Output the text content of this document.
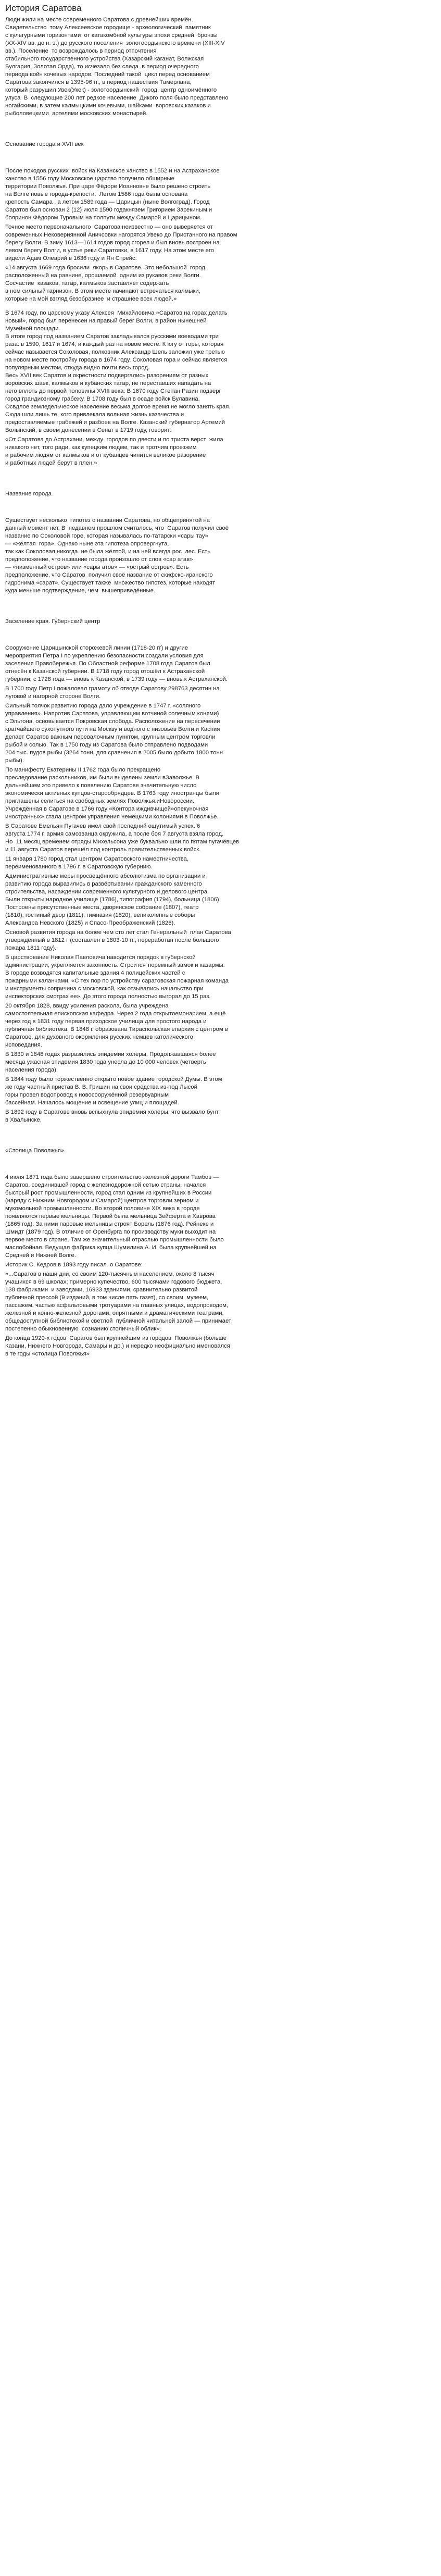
История Саратова
Люди жили на месте современного Саратова с древнейших времён.
Свидетельство  тому Алексеевское городище - археологический  памятник
с культурными горизонтами  от катакомбной культуры эпохи средней  бронзы
(XX-XIV вв. до н. э.) до русского поселения  золотоордынского времени (XIII-XIV
вв.). Поселение  то возрождалось в период отпочтения
стабильного государственного устройства (Хазарский каганат, Волжская
Булгария, Золотая Орда), то исчезало без следа  в период очередного
периода войн кочевых народов. Последний такой  цикл перед основанием
Саратова закончился в 1395-96 гг., в период нашествия Тамерлана,
который разрушил Увек(Укек) - золотоордынский  город, центр одноимённого
улуса  В  следующие 200 лет редкое население  Дикого поля было представлено
ногайскими, в затем калмыцкими кочевыми, шайками  воровских казаков и
рыболовецкими  артелями московских монастырей.
Основание города и XVII век
После походов русских  войск на Казанское ханство в 1552 и на Астраханское
ханство в 1556 году Московское царство получило обширные
территории Поволжья. При царе Фёдоре Иоанновне было решено строить
на Волге новые города-крепости.  Летом 1586 года была основана
крепость Самара , а летом 1589 года — Царицын (ныне Волгоград). Город
Саратов был основан 2 (12) июля 1590 годакнязем Григорием Засекиным и
бояринон Фёдором Туровым на полпути между Самарой и Царицыном.
Точное место первоначального  Саратова неизвестно — оно выверяется от
современных Нековериянной Аничсовки нагорятся Увеко до Пристанного на правом
берегу Волги. В зиму 1613—1614 годов город сгорел и был вновь построен на
левом берегу Волги, в устье реки Саратовки, в 1617 году. На этом месте его
видели Адам Олеарий в 1636 году и Ян Стрейс:
«14 августа 1669 года бросили  якорь в Саратове. Это небольшой  город,
расположенный на равнине, орошаемой  одним из рукавов реки Волги.
Сосчастие  казаков, татар, калмыков заставляет содержать
в нем сильный гарнизон. В этом месте начинают встречаться калмыки,
которые на мой взгляд безобразнее  и страшнее всех людей.»
В 1674 году, по царскому указу Алексея  Михайловича «Саратов на горах делать
новый», город был перенесен на правый берег Волги, в район нынешней
Музейной площади.
В итоге город под названием Саратов закладывался русскими воеводами три
раза: в 1590, 1617 и 1674, и каждый раз на новом месте. К югу от горы, которая
сейчас называется Соколовая, полковник Александр Шель заложил уже третью
на новом месте постройку города в 1674 году. Соколовая гора и сейчас является
популярным местом, откуда видно почти весь город.
Весь XVII век Саратов и окрестности подвергались разорениям от разных
воровских шаек, калмыков и кубанских татар, не переставших нападать на
него вплоть до первой половины XVIII века. В 1670 году Степан Разин подверг
город грандиозному грабежу. В 1708 году был в осаде войск Булавина.
Освдлое земледельческое население весьма долгое время не могло занять края.
Сюда шли лишь те, кого привлекала вольная жизнь казачества и
предоставляемые грабежей и разбоев на Волге. Казанский губернатор Артемий
Волынский, в своем донесении в Сенат в 1719 году, говорит:
«От Саратова до Астрахани, между  городов по двести и по триста верст  жила
никакого нет, того ради, как купецким людем, так и протчим проезжим
и рабочим людям от калмыков и от кубанцев чинится великое разорение
и работных людей берут в плен.»
Название города
Существует несколько  гипотез о названии Саратова, но общепринятой на
данный момент нет. В  недавнем прошлом считалось, что  Саратов получил своё
название по Соколовой горе, которая называлась по-татарски «сары тау»
— «жёлтая  гора». Однако ныне эта гипотеза опровергнута,
так как Соколовая никогда  не была жёлтой, и на ней всегда рос  лес. Есть
предположение, что название города произошло от слов «сар атав»
— «низменный остров» или «сары атов» — «острый остров». Есть
предположение, что Саратов  получил своё название от скифско-иранского
гидронима «сарат». Существует также  множество гипотез, которые находят
куда меньше подтверждение, чем  вышеприведённые.
Заселение края. Губернский центр
Сооружение Царицынской сторожевой линии (1718-20 гг) и другие
мероприятия Петра I по укреплению безопасности создали условия для
заселения Правобережья. По Областной реформе 1708 года Саратов был
отнесён к Казанской губернии. В 1718 году город отошёл к Астраханской
губернии; с 1728 года — вновь к Казанской, в 1739 году — вновь к Астраханской.
В 1700 году Пётр I пожаловал грамоту об отводе Саратову 298763 десятин на
луговой и нагорной стороне Волги.
Сильный толчок развитию города дало учреждение в 1747 г. «соляного
управления». Напротив Саратова, управляющим вотчиной солечным конями)
с Эльтона, основывается Покровская слобода. Расположение на пересечении
кратчайшего сухопутного пути на Москву и водного с низовьев Волги и Каспия
делает Саратов важным перевалочным пунктом, крупным центром торговли
рыбой и солью. Так в 1750 году из Саратова было отправлено подводами
204 тыс. пудов рыбы (3264 тонн, для сравнения в 2005 было добыто 1800 тонн
рыбы).
По манифесту Екатерины II 1762 года было прекращено
преследование раскольников, им были выделены земли вЗаволжье. В
дальнейшем это привело к появлению Саратове значительную число
экономически активных купцов-старообрядцев. В 1763 году иностранцы были
приглашены селиться на свободных землях Поволжья.иНоворосcии.
Учреждённая в Саратове в 1766 году «Контора иждивчищей»опекуночная
иностранных» стала центром управления немецкими колониями в Поволжье.
В Саратове Емельян Пугачев имел свой последний ощутимый успех. 6
августа 1774 г. армия самозванца окружила, а после боя 7 августа взяла город.
Но  11 месяц временем отряды Михельсона уже буквально шли по пятам пугачёвцев
и 11 августа Саратов перешёл под контроль правительственных войск.
11 января 1780 город стал центром Саратовского наместничества,
переименованного в 1796 г. в Саратовскую губернию.
Административные меры просвещённого абсолютизма по организации и
развитию города выразились в развёртывании гражданского каменного
строительства, насаждении современного культурного и делового центра.
Были открыты народное училище (1786), типография (1794), больница (1806).
Построены присутственные места, дворянское собрание (1807), театр
(1810), гостиный двор (1811), гимназия (1820), великолепные соборы
Александра Невского (1825) и Спасо-Преображенский (1826).
Основой развития города на более чем сто лет стал Генеральный  план Саратова
утверждённый в 1812 г (составлен в 1803-10 гг., переработан после большого
пожара 1811 году).
В царствование Николая Павловича наводится порядок в губернской
администрации, укрепляется законность. Строится тюремный замок и казармы.
В городе возводятся капитальные здания 4 полицейских частей с
пожарными каланчами. «С тех пор по устройству саратовская пожарная команда
и инструменты сопричина с московской, как отзывались начальство при
инспекторских смотрах ее». До этого города полностью выгорал до 15 раз.
20 октября 1828, ввиду усиления раскола, была учреждена
самостоятельная епископская кафедра. Через 2 года открытоемонарием, а ещё
через год в 1831 году первая приходское училища для простого народа и
публичная библиотека. В 1848 г. образована Тираспольская епархия с центром в
Саратове, для духовного окормления русских немцев католического
исповедания.
В 1830 и 1848 годах разразились эпидемии холеры. Продолжавшаяся более
месяца ужасная эпидемия 1830 года унесла до 10 000 человек (четверть
населения города).
В 1844 году было торжественно открыто новое здание городской Думы. В этом
же году частный пристав В. В. Гришин на свои средства из-под Лысой
горы провел водопровод к новосооружённой резервуарным
бассейнам. Началось мощение и освещение улиц и площадей.
В 1892 году в Саратове вновь вспыхнула эпидемия холеры, что вызвало бунт
в Хвалынске.
«Столица Поволжья»
4 июля 1871 года было завершено строительство железной дороги Тамбов —
Саратов, соединившей город с железнодорожной сетью страны, начался
быстрый рост промышленности, город стал одним из крупнейших в России
(наряду с Нижним Новгородом и Самарой) центров торговли зерном и
мукомольной промышленности. Во второй половине XIX века в городе
появляются первые мельницы. Первой была мельница Зейферта и Хаврова
(1865 год). За ними паровые мельницы строят Борель (1876 год). Рейнеке и
Шмидт (1879 год). В отличие от Оренбурга по производству муки выходит на
первое место в стране. Там же значительный отраслью промышленности было
маслобойная. Ведущая фабрика купца Шумилина А. И. была крупнейшей на
Средней и Нижней Волге.
Историк С. Кедров в 1893 году писал  о Саратове:
«...Саратов в наши дни, со своим 120-тысячным населением, около 8 тысяч
учащихся в 69 школах; примерно купечество, 600 тысячами годового бюджета,
138 фабриками  и заводами, 16933 зданиями, сравнительно развитой
публичной прессой (9 изданий, в том числе пять газет), со своим  музеем,
пассажем, частью асфальтовыми тротуарами на главных улицах, водопроводом,
железной и конно-железной дорогами, опрятными и драматическими театрами,
общедоступной библиотекой и светлой  публичной читальней залой — принимает
постепенно обыкновенную  сознанию столичный облик».
До конца 1920-х годов  Саратов был крупнейшим из городов  Поволжья (больше
Казани, Нижнего Новгорода, Самары и др.) и нередко неофициально именовался
в те годы «столица Поволжья»
